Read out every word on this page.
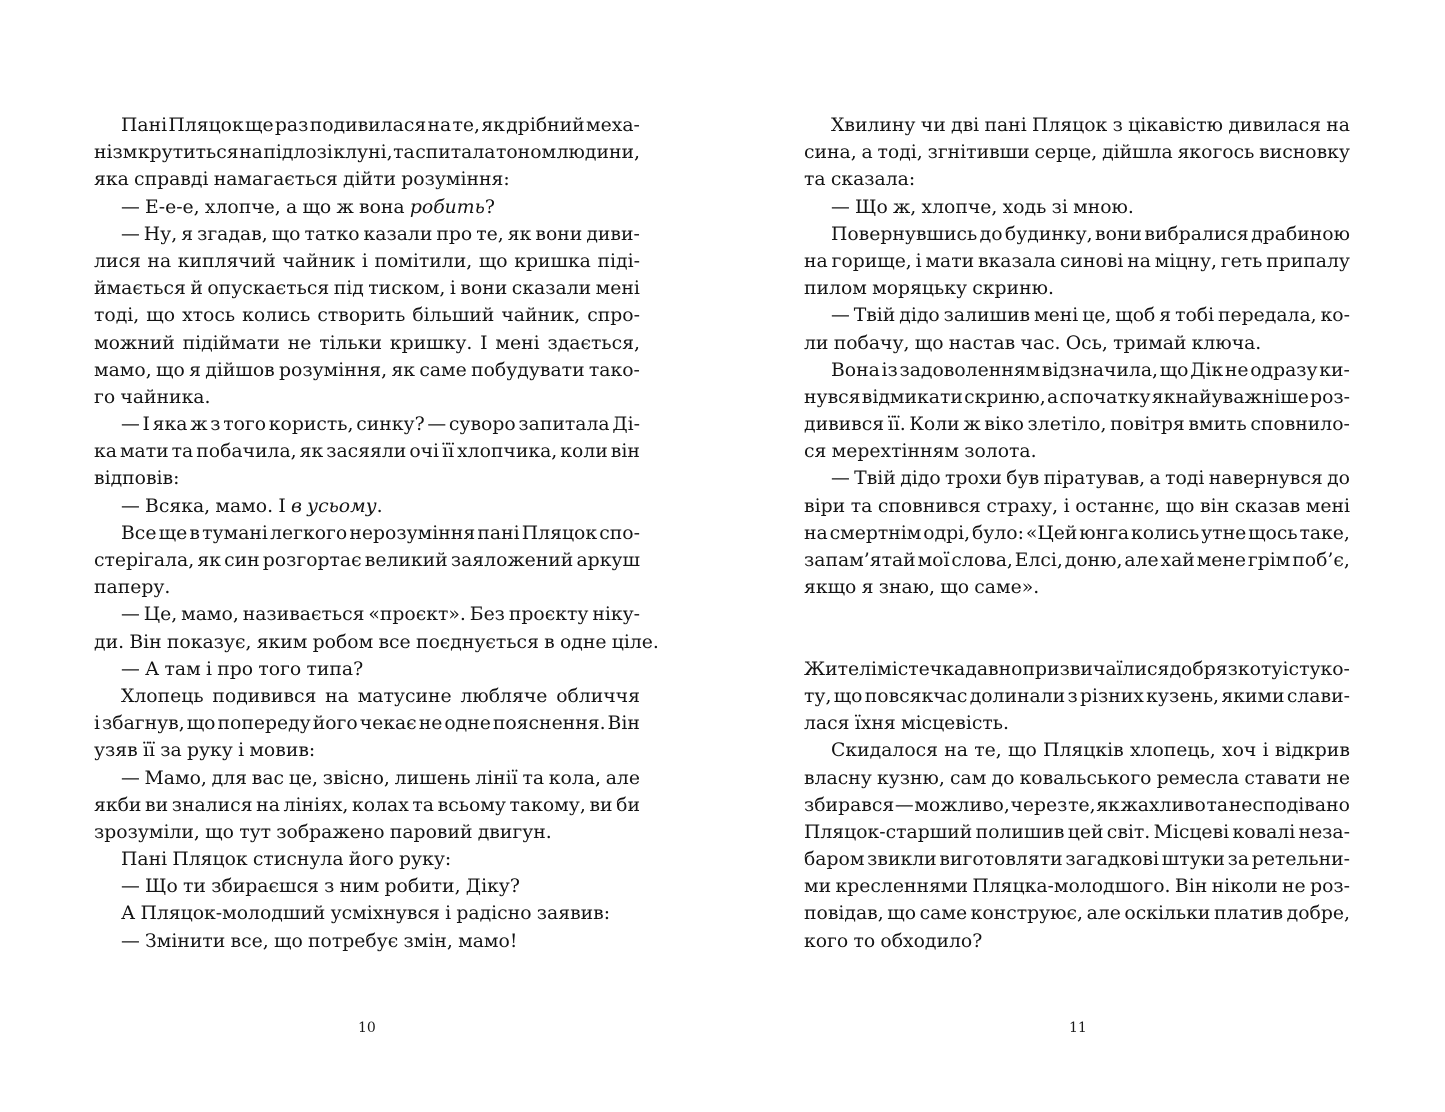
Пані Пляцок ще раз подивилася на те, як дрібний меха-
нізм крутиться на підлозі клуні, та спитала тоном людини,
яка справді намагається дійти розуміння:
— Е-е-е, хлопче, а що ж вона робить?
— Ну, я згадав, що татко казали про те, як вони диви-
лися на киплячий чайник і помітили, що кришка піді-
ймається й опускається під тиском, і вони сказали мені
тоді, що хтось колись створить більший чайник, спро-
можний підіймати не тільки кришку. І мені здається,
мамо, що я дійшов розуміння, як саме побудувати тако-
го чайника.
— І яка ж з того користь, синку? — суворо запитала Ді-
ка мати та побачила, як засяяли очі її хлопчика, коли він
відповів:
— Всяка, мамо. І в усьому.
Все ще в тумані легкого нерозуміння пані Пляцок спо-
стерігала, як син розгортає великий заяложений аркуш
паперу.
— Це, мамо, називається «проєкт». Без проєкту ніку-
ди. Він показує, яким робом все поєднується в одне ціле.
— А там і про того типа?
Хлопець подивився на матусине любляче обличчя
і збагнув, що попереду його чекає не одне пояснення. Він
узяв її за руку і мовив:
— Мамо, для вас це, звісно, лишень лінії та кола, але
якби ви зналися на лініях, колах та всьому такому, ви би
зрозуміли, що тут зображено паровий двигун.
Пані Пляцок стиснула його руку:
— Що ти збираєшся з ним робити, Діку?
А Пляцок-молодший усміхнувся і радісно заявив:
— Змінити все, що потребує змін, мамо!
Хвилину чи дві пані Пляцок з цікавістю дивилася на
сина, а тоді, згнітивши серце, дійшла якогось висновку
та сказала:
— Що ж, хлопче, ходь зі мною.
Повернувшись до будинку, вони вибралися драбиною
на горище, і мати вказала синові на міцну, геть припалу
пилом моряцьку скриню.
— Твій дідо залишив мені це, щоб я тобі передала, ко-
ли побачу, що настав час. Ось, тримай ключа.
Вона із задоволенням відзначила, що Дік не одразу ки-
нувся відмикати скриню, а спочатку якнайуважніше роз-
дивився її. Коли ж віко злетіло, повітря вмить сповнило-
ся мерехтінням золота.
— Твій дідо трохи був піратував, а тоді навернувся до
віри та сповнився страху, і останнє, що він сказав мені
на смертнім одрі, було: «Цей юнга колись утне щось таке,
запам’ятай мої слова, Елсі, доню, але хай мене грім поб’є,
якщо я знаю, що саме».
Жителі містечка давно призвичаїлися до брязкоту і стуко-
ту, що повсякчас долинали з різних кузень, якими слави-
лася їхня місцевість.
Скидалося на те, що Пляцків хлопець, хоч і відкрив
власну кузню, сам до ковальського ремесла ставати не
збирався — можливо, через те, як жахливо та несподівано
Пляцок-старший полишив цей світ. Місцеві ковалі неза-
баром звикли виготовляти загадкові штуки за ретельни-
ми кресленнями Пляцка-молодшого. Він ніколи не роз-
повідав, що саме конструює, але оскільки платив добре,
кого то обходило?
10	11
